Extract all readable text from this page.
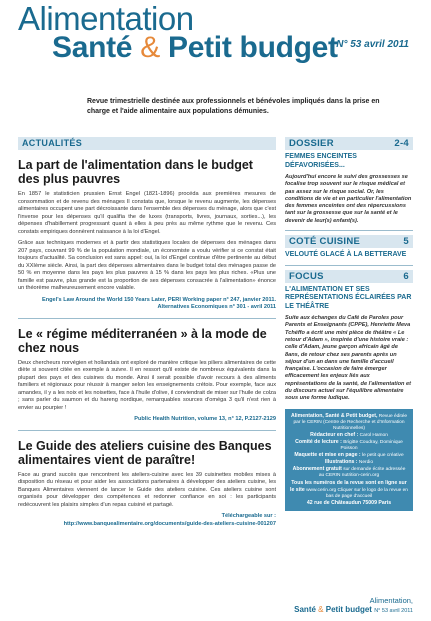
Alimentation
N° 53 avril 2011
Santé & Petit budget
Revue trimestrielle destinée aux professionnels et bénévoles impliqués dans la prise en charge et l'aide alimentaire aux populations démunies.
ACTUALITÉS
La part de l'alimentation dans le budget des plus pauvres

En 1857 le statisticien prussien Ernst Engel (1821-1896) procéda aux premières mesures de consommation et de revenu des ménages Il constata que, lorsque le revenu augmente, les dépenses alimentaires occupent une part décroissante dans l'ensemble des dépenses du ménage, alors que c'est l'inverse pour les dépenses qu'il qualifia the de luxes (transports, livres, journaux, sorties...), les dépenses d'habillement progressant quant à elles à peu près au même rythme que le revenu. Ces constats empiriques donnèrent naissance à la loi d'Engel.

Grâce aux techniques modernes et à partir des statistiques locales de dépenses des ménages dans 207 pays, couvrant 99 % de la population mondiale, un économiste a voulu vérifier si ce constat était toujours d'actualité. Sa conclusion est sans appel: oui, la loi d'Engel continue d'être pertinente au début du XXIème siècle. Ainsi, la part des dépenses alimentaires dans le budget total des ménages passe de 50 % en moyenne dans les pays les plus pauvres à 15 % dans les pays les plus riches. «Plus une famille est pauvre, plus grande est la proportion de ses dépenses consacrée à l'alimentation» énonce un théorème malheureusement encore valable.

Engel's Law Around the World 150 Years Later, PERI Working paper n° 247, janvier 2011. Alternatives Economiques n° 301 - avril 2011
Le « régime méditerranéen » à la mode de chez nous

Deux chercheurs norvégien et hollandais ont exploré de manière critique les piliers alimentaires de cette diète si souvent citée en exemple à suivre. Il en ressort qu'il existe de nombreux équivalents dans la plupart des pays et des cuisines du monde. Ainsi il serait possible d'avoir recours à des aliments familiers et régionaux pour réussir à manger selon les enseignements crétois. Pour exemple, face aux amandes, il y a les noix et les noisettes, face à l'huile d'olive, il conviendrait de miser sur l'huile de colza ; sans parler du saumon et du hareng nordique, remarquables sources d'oméga 3 qu'il n'est rien à envier au pourpier !

Public Health Nutrition, volume 13, n° 12, P.2127-2129
Le Guide des ateliers cuisine des Banques alimentaires vient de paraître!

Face au grand succès que rencontrent les ateliers-cuisine avec les 39 cuisinettes mobiles mises à disposition du réseau et pour aider les associations partenaires à développer des ateliers cuisine, les Banques Alimentaires viennent de lancer le Guide des ateliers cuisine. Ces ateliers cuisine sont organisés pour développer des compétences et redonner confiance en soi : les participants redécouvrent les plaisirs simples d'un repas cuisiné et partagé.

Téléchargeable sur :
http://www.banquealimentaire.org/documents/guide-des-ateliers-cuisine-001207
DOSSIER	2-4
FEMMES ENCEINTES DÉFAVORISÉES...
Aujourd'hui encore le suivi des grossesses se focalise trop souvent sur le risque médical et pas assez sur le risque social. Or, les conditions de vie et en particulier l'alimentation des femmes enceintes ont des répercussions tant sur la grossesse que sur la santé et le devenir de leur(s) enfant(s).
COTÉ CUISINE	5
VELOUTÉ GLACÉ À LA BETTERAVE
FOCUS	6
L'ALIMENTATION ET SES REPRÉSENTATIONS ÉCLAIRÉES PAR LE THÉÂTRE
Suite aux échanges du Café de Paroles pour Parents et Enseignants (CPPE), Henriette Meva Tchéffo a écrit une mini pièce de théâtre « Le retour d'Adam », inspirée d'une histoire vraie : celle d'Adam, jeune garçon africain âgé de 8ans, de retour chez ses parents après un séjour d'un an dans une famille d'accueil française. L'occasion de faire émerger efficacement les enjeux liés aux représentations de la santé, de l'alimentation et du discours actuel sur l'équilibre alimentaire sous une forme ludique.
Alimentation, Santé & Petit budget, Revue éditée par le CERIN (Centre de Recherche et d'Information Nutritionnelles)
Rédacteur en chef : Carol Hamon
Comité de lecture : Brigitte Coudray, Dominique Poisson
Maquette et mise en page : le petit que créative
Illustrations : Nerdio
Abonnement gratuit sur demande écrite adressée au CERIN nutrition-cerin.org
Tous les numéros de la revue sont en ligne sur le site www.cerin.org Cliquer sur le logo de la revue en bas de page d'accueil
42 rue de Châteaudun 75009 Paris
Alimentation,
Santé & Petit budget N° 53 avril 2011
